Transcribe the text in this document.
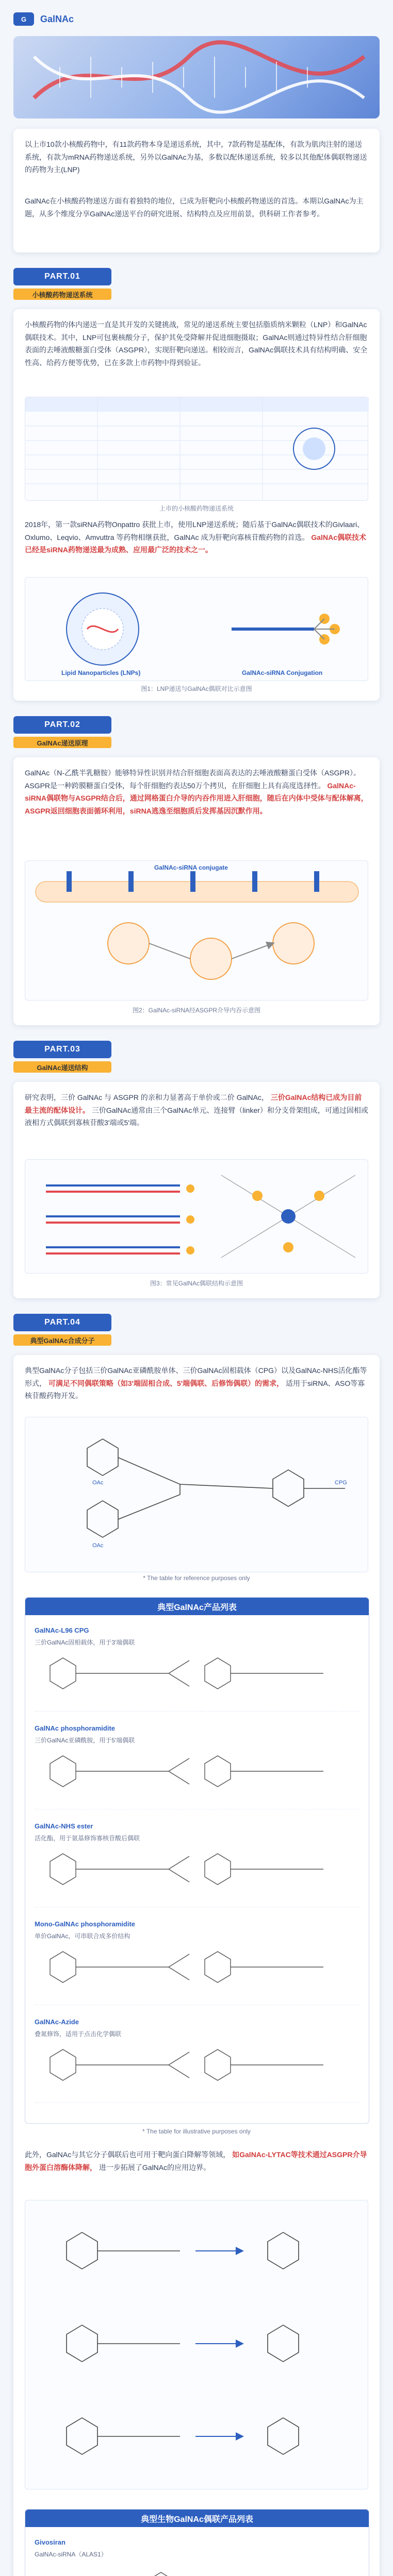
G	GalNAc

以上市10款小核酸药物中，有11款药物本身是递送系统，其中，7款药物是基配体，有款为肌肉注射的递送系统，有款为mRNA药物递送系统，另外以GalNAc为基，多数以配体递送系统，较多以其他配体偶联物递送的药物为主(LNP)

GalNAc在小核酸药物递送方面有着独特的地位，已成为肝靶向小核酸药物递送的首选。本期以GalNAc为主题，从多个维度分享GalNAc递送平台的研究进展、结构特点及应用前景，供科研工作者参考。

PART.01
小核酸药物递送系统

小核酸药物的体内递送一直是其开发的关键挑战，常见的递送系统主要包括脂质纳米颗粒（LNP）和GalNAc偶联技术。其中，LNP可包裹核酸分子，保护其免受降解并促进细胞摄取；GalNAc则通过特异性结合肝细胞表面的去唾液酸糖蛋白受体（ASGPR），实现肝靶向递送。相较而言，GalNAc偶联技术具有结构明确、安全性高、给药方便等优势，已在多款上市药物中得到验证。

上市的小核酸药物递送系统

2018年，第一款siRNA药物Onpattro 获批上市，使用LNP递送系统；随后基于GalNAc偶联技术的Givlaari、Oxlumo、Leqvio、Amvuttra 等药物相继获批，GalNAc 成为肝靶向寡核苷酸药物的首选。 GalNAc偶联技术已经是siRNA药物递送最为成熟、应用最广泛的技术之一。

Lipid Nanoparticles (LNPs)	GalNAc-siRNA Conjugation
图1：LNP递送与GalNAc偶联对比示意图
PART.02
GalNAc递送原理

GalNAc（N-乙酰半乳糖胺）能够特异性识别并结合肝细胞表面高表达的去唾液酸糖蛋白受体（ASGPR）。ASGPR是一种跨膜糖蛋白受体，每个肝细胞约表达50万个拷贝，在肝细胞上具有高度选择性。 GalNAc-siRNA偶联物与ASGPR结合后，通过网格蛋白介导的内吞作用进入肝细胞，随后在内体中受体与配体解离，ASGPR返回细胞表面循环利用，siRNA逃逸至细胞质后发挥基因沉默作用。

GalNAc-siRNA conjugate
图2：GalNAc-siRNA经ASGPR介导内吞示意图
PART.03
GalNAc递送结构

研究表明，三价 GalNAc 与 ASGPR 的亲和力显著高于单价或二价 GalNAc， 三价GalNAc结构已成为目前最主流的配体设计。 三价GalNAc通常由三个GalNAc单元、连接臂（linker）和分支骨架组成，可通过固相或液相方式偶联到寡核苷酸3'端或5'端。

图3：常见GalNAc偶联结构示意图
PART.04
典型GalNAc合成分子

典型GalNAc分子包括三价GalNAc亚磷酰胺单体、三价GalNAc固相载体（CPG）以及GalNAc-NHS活化酯等形式， 可满足不同偶联策略（如3'端固相合成、5'端偶联、后修饰偶联）的需求， 适用于siRNA、ASO等寡核苷酸药物开发。

OAc
OAc
CPG
* The table for reference purposes only
典型GalNAc产品列表
GalNAc-L96 CPG
三价GalNAc固相载体，用于3'端偶联
GalNAc phosphoramidite
三价GalNAc亚磷酰胺，用于5'端偶联
GalNAc-NHS ester
活化酯，用于氨基修饰寡核苷酸后偶联
Mono-GalNAc phosphoramidite
单价GalNAc，可串联合成多价结构
GalNAc-Azide
叠氮修饰，适用于点击化学偶联
* The table for illustrative purposes only

此外，GalNAc与其它分子偶联后也可用于靶向蛋白降解等领域， 如GalNAc-LYTAC等技术通过ASGPR介导胞外蛋白溶酶体降解， 进一步拓展了GalNAc的应用边界。

典型生物GalNAc偶联产品列表
Givosiran
GalNAc-siRNA（ALAS1）
